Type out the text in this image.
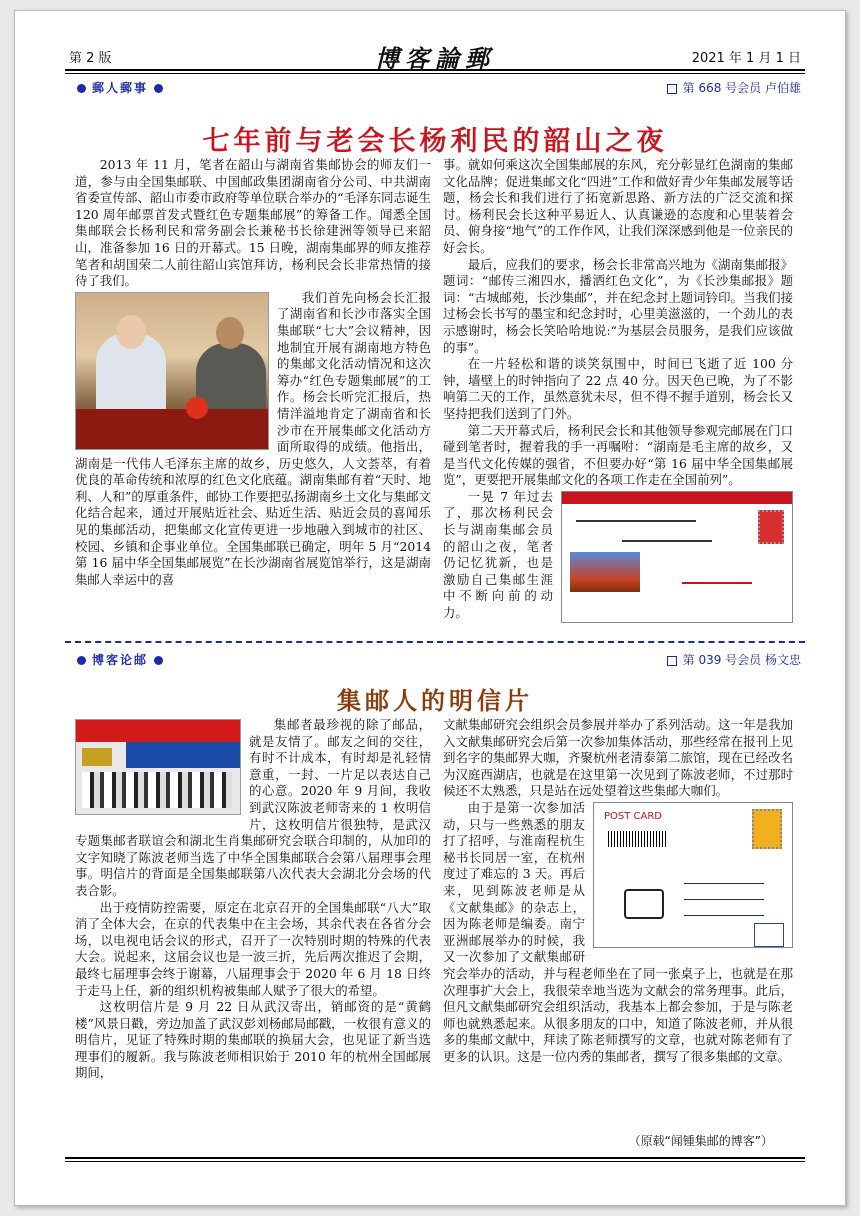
第 2 版	博客論郵	2021 年 1 月 1 日
郵人郵事	第 668 号会员 卢伯雄
七年前与老会长杨利民的韶山之夜

2013 年 11 月，笔者在韶山与湖南省集邮协会的师友们一道，参与由全国集邮联、中国邮政集团湖南省分公司、中共湖南省委宣传部、韶山市委市政府等单位联合举办的“毛泽东同志诞生 120 周年邮票首发式暨红色专题集邮展”的筹备工作。闻悉全国集邮联会长杨利民和常务副会长兼秘书长徐建洲等领导已来韶山，准备参加 16 日的开幕式。15 日晚，湖南集邮界的师友推荐笔者和胡国荣二人前往韶山宾馆拜访，杨利民会长非常热情的接待了我们。

我们首先向杨会长汇报了湖南省和长沙市落实全国集邮联“七大”会议精神，因地制宜开展有湖南地方特色的集邮文化活动情况和这次筹办“红色专题集邮展”的工作。杨会长听完汇报后，热情洋溢地肯定了湖南省和长沙市在开展集邮文化活动方面所取得的成绩。他指出，湖南是一代伟人毛泽东主席的故乡，历史悠久，人文荟萃，有着优良的革命传统和浓厚的红色文化底蕴。湖南集邮有着“天时、地利、人和”的厚重条件，邮协工作要把弘扬湖南乡土文化与集邮文化结合起来，通过开展贴近社会、贴近生活、贴近会员的喜闻乐见的集邮活动，把集邮文化宣传更进一步地融入到城市的社区、校园、乡镇和企事业单位。全国集邮联已确定，明年 5 月“2014 第 16 届中华全国集邮展览”在长沙湖南省展览馆举行，这是湖南集邮人幸运中的喜

事。就如何乘这次全国集邮展的东风，充分彰显红色湖南的集邮文化品牌；促进集邮文化“四进”工作和做好青少年集邮发展等话题，杨会长和我们进行了拓宽新思路、新方法的广泛交流和探讨。杨利民会长这种平易近人、认真谦逊的态度和心里装着会员、俯身接“地气”的工作作风，让我们深深感到他是一位亲民的好会长。

最后，应我们的要求，杨会长非常高兴地为《湖南集邮报》题词：“邮传三湘四水，播洒红色文化”，为《长沙集邮报》题词：“古城邮苑，长沙集邮”，并在纪念封上题词钤印。当我们接过杨会长书写的墨宝和纪念封时，心里美滋滋的，一个劲儿的表示感谢时，杨会长笑哈哈地说:“为基层会员服务，是我们应该做的事”。

在一片轻松和谐的谈笑氛围中，时间已飞逝了近 100 分钟，墙壁上的时钟指向了 22 点 40 分。因天色已晚，为了不影响第二天的工作，虽然意犹未尽，但不得不握手道别，杨会长又坚持把我们送到了门外。

第二天开幕式后，杨利民会长和其他领导参观完邮展在门口碰到笔者时，握着我的手一再嘱咐：“湖南是毛主席的故乡，又是当代文化传媒的强省，不但要办好“第 16 届中华全国集邮展览”，更要把开展集邮文化的各项工作走在全国前列”。

一晃 7 年过去了，那次杨利民会长与湖南集邮会员的韶山之夜，笔者仍记忆犹新，也是激励自己集邮生涯中不断向前的动力。

博客论邮	第 039 号会员 杨文忠
集邮人的明信片

集邮者最珍视的除了邮品，就是友情了。邮友之间的交往，有时不计成本，有时却是礼轻情意重，一封、一片足以表达自己的心意。2020 年 9 月间，我收到武汉陈波老师寄来的 1 枚明信片，这枚明信片很独特，是武汉专题集邮者联谊会和湖北生肖集邮研究会联合印制的，从加印的文字知晓了陈波老师当选了中华全国集邮联合会第八届理事会理事。明信片的背面是全国集邮联第八次代表大会湖北分会场的代表合影。

出于疫情防控需要，原定在北京召开的全国集邮联“八大”取消了全体大会，在京的代表集中在主会场，其余代表在各省分会场，以电视电话会议的形式，召开了一次特别时期的特殊的代表大会。说起来，这届会议也是一波三折，先后两次推迟了会期，最终七届理事会终于谢幕，八届理事会于 2020 年 6 月 18 日终于走马上任，新的组织机构被集邮人赋予了很大的希望。

这枚明信片是 9 月 22 日从武汉寄出，销邮资的是“黄鹤楼”风景日戳，旁边加盖了武汉彭刘杨邮局邮戳，一枚很有意义的明信片，见证了特殊时期的集邮联的换届大会，也见证了新当选理事们的履新。我与陈波老师相识始于 2010 年的杭州全国邮展期间，

文献集邮研究会组织会员参展并举办了系列活动。这一年是我加入文献集邮研究会后第一次参加集体活动，那些经常在报刊上见到名字的集邮界大咖，齐聚杭州老清泰第二旅馆，现在已经改名为汉庭西湖店，也就是在这里第一次见到了陈波老师，不过那时候还不太熟悉，只是站在远处望着这些集邮大咖们。

POST CARD

由于是第一次参加活动，只与一些熟悉的朋友打了招呼，与淮南程杭生秘书长同居一室，在杭州度过了难忘的 3 天。再后来，见到陈波老师是从《文献集邮》的杂志上，因为陈老师是编委。南宁亚洲邮展举办的时候，我又一次参加了文献集邮研究会举办的活动，并与程老师坐在了同一张桌子上，也就是在那次理事扩大会上，我很荣幸地当选为文献会的常务理事。此后，但凡文献集邮研究会组织活动，我基本上都会参加，于是与陈老师也就熟悉起来。从很多朋友的口中，知道了陈波老师，并从很多的集邮文献中，拜读了陈老师撰写的文章，也就对陈老师有了更多的认识。这是一位内秀的集邮者，撰写了很多集邮的文章。

（原载“闻锺集邮的博客”）
